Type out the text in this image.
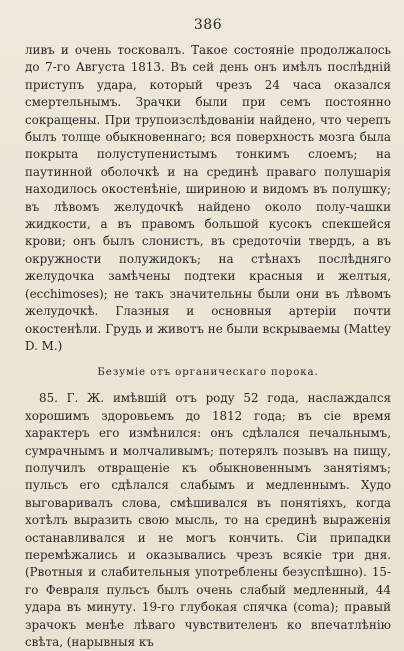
386

ливъ и очень тосковалъ. Такое состоянiе продолжалось до 7-го Августа 1813. Въ сей день онъ имѣлъ послѣднiй приступъ удара, который чрезъ 24 часа оказался смертельнымъ. Зрачки были при семъ постоянно сокращены. При трупоизслѣдованiи найдено, что черепъ былъ толще обыкновеннаго; вся поверхность мозга была покрыта полуступенистымъ тонкимъ слоемъ; на паутинной оболочкѣ и на срединѣ праваго полушарiя находилось окостенѣнiе, шириною и видомъ въ полушку; въ лѣвомъ желудочкѣ найдено около полу-чашки жидкости, а въ правомъ большой кусокъ спекшейся крови; онъ былъ слонистъ, въ средоточiи твердъ, а въ окружности полужидокъ; на стѣнахъ послѣдняго желудочка замѣчены подтеки красныя и желтыя, (ecchimoses); не такъ значительны были они въ лѣвомъ желудочкѣ. Глазныя и основныя артерiи почти окостенѣли. Грудь и животъ не были вскрываемы (Mattey D. M.)

Безумiе отъ органическаго порока.

85. Г. Ж. имѣвшiй отъ роду 52 года, наслаждался хорошимъ здоровьемъ до 1812 года; въ сiе время характеръ его измѣнился: онъ сдѣлался печальнымъ, сумрачнымъ и молчаливымъ; потерялъ позывъ на пищу, получилъ отвращенiе къ обыкновеннымъ занятiямъ; пульсъ его сдѣлался слабымъ и медленнымъ. Худо выговаривалъ слова, смѣшивался въ понятiяхъ, когда хотѣлъ выразить свою мысль, то на срединѣ выраженiя останавливался и не могъ кончить. Сiи припадки перемѣжались и оказывались чрезъ всякiе три дня. (Рвотныя и слабительныя употреблены безуспѣшно). 15-го Февраля пульсъ былъ очень слабый медленный, 44 удара въ минуту. 19-го глубокая спячка (coma); правый зрачокъ менѣе лѣваго чувствителенъ ко впечатлѣнiю свѣта, (нарывныя къ
